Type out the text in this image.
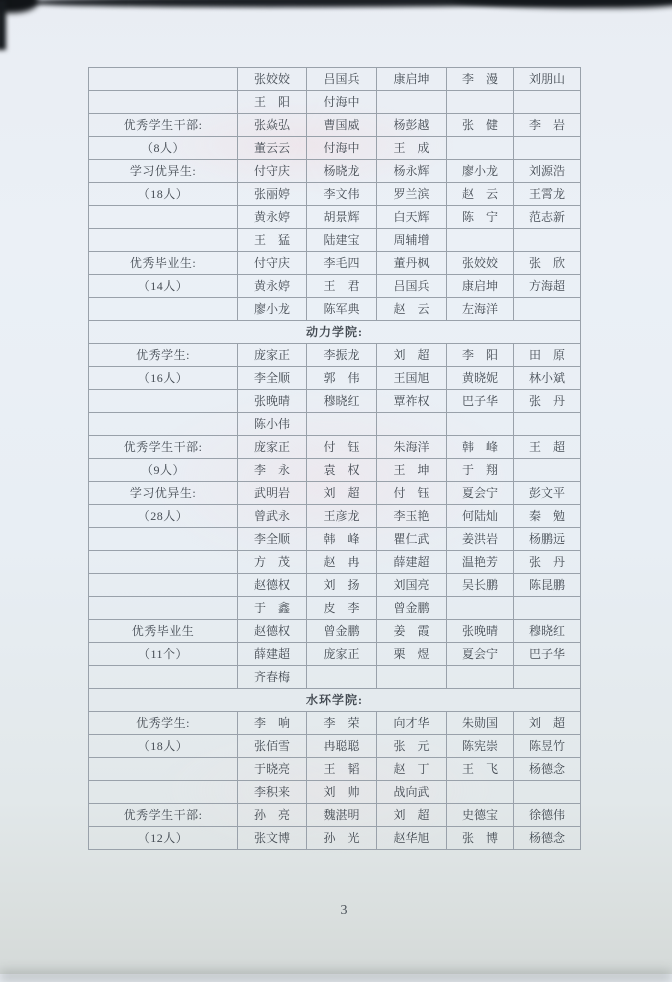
	张姣姣	吕国兵	康启坤	李　漫	刘朋山
	王　阳	付海中			
优秀学生干部:	张焱弘	曹国威	杨彭越	张　健	李　岩
（8人）	董云云	付海中	王　成		
学习优异生:	付守庆	杨晓龙	杨永辉	廖小龙	刘源浩
（18人）	张丽婷	李文伟	罗兰滨	赵　云	王霄龙
	黄永婷	胡景辉	白天辉	陈　宁	范志新
	王　猛	陆建宝	周辅增		
优秀毕业生:	付守庆	李毛四	董丹枫	张姣姣	张　欣
（14人）	黄永婷	王　君	吕国兵	康启坤	方海超
	廖小龙	陈军典	赵　云	左海洋	
动力学院:					
优秀学生:	庞家正	李振龙	刘　超	李　阳	田　原
（16人）	李全顺	郭　伟	王国旭	黄晓妮	林小斌
	张晚晴	穆晓红	覃祚权	巴子华	张　丹
	陈小伟				
优秀学生干部:	庞家正	付　钰	朱海洋	韩　峰	王　超
（9人）	李　永	袁　权	王　坤	于　翔	
学习优异生:	武明岩	刘　超	付　钰	夏会宁	彭文平
（28人）	曾武永	王彦龙	李玉艳	何陆灿	秦　勉
	李全顺	韩　峰	瞿仁武	姜洪岩	杨鹏远
	方　茂	赵　冉	薛建超	温艳芳	张　丹
	赵德权	刘　扬	刘国亮	吴长鹏	陈昆鹏
	于　鑫	皮　李	曾金鹏		
优秀毕业生	赵德权	曾金鹏	姜　霞	张晚晴	穆晓红
（11个）	薛建超	庞家正	栗　煜	夏会宁	巴子华
	齐春梅				
水环学院:					
优秀学生:	李　响	李　荣	向才华	朱勋国	刘　超
（18人）	张佰雪	冉聪聪	张　元	陈宪崇	陈昱竹
	于晓亮	王　韬	赵　丁	王　飞	杨德念
	李积来	刘　帅	战向武		
优秀学生干部:	孙　亮	魏湛明	刘　超	史德宝	徐德伟
（12人）	张文博	孙　光	赵华旭	张　博	杨德念
3
